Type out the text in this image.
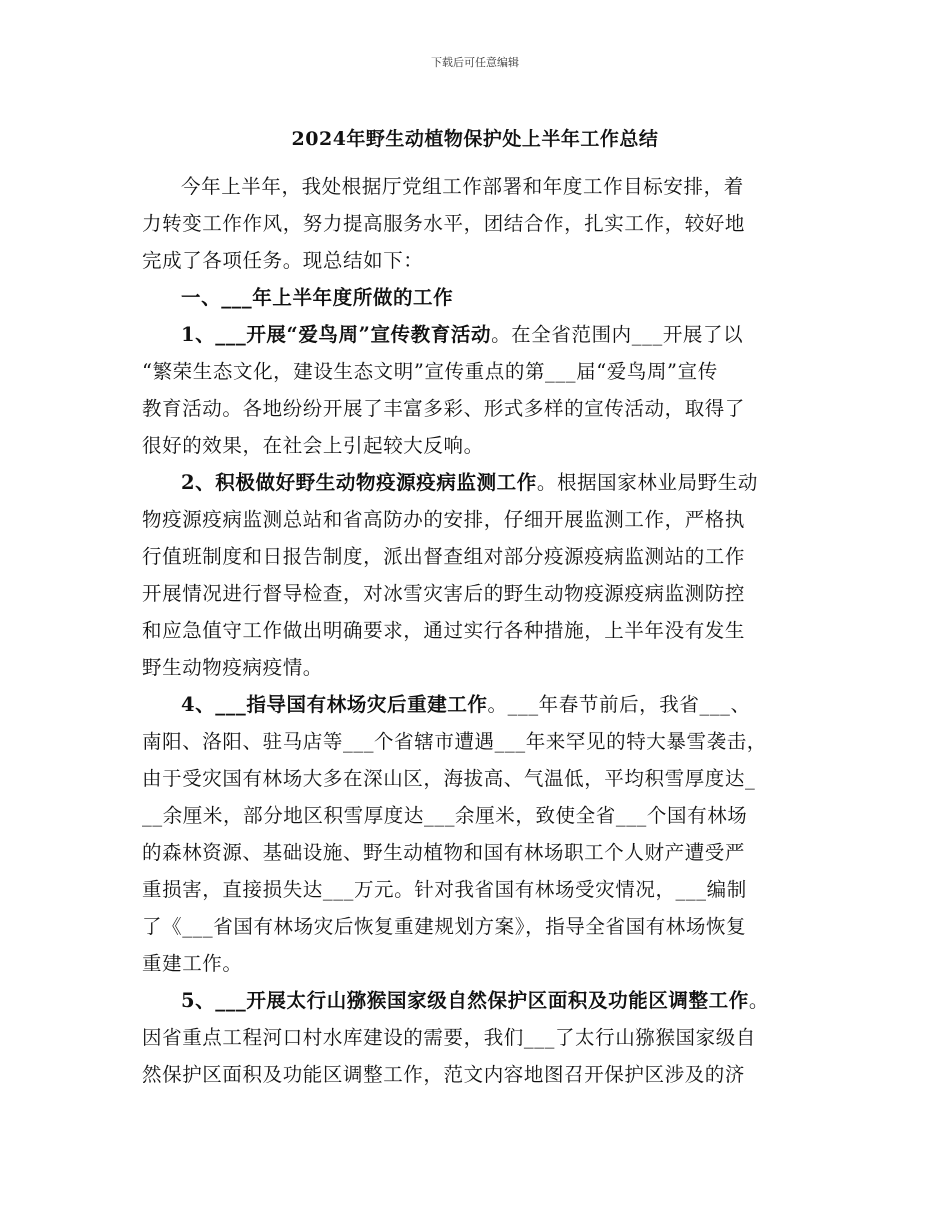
下载后可任意编辑
2024年野生动植物保护处上半年工作总结

今年上半年，我处根据厅党组工作部署和年度工作目标安排，着
力转变工作作风，努力提高服务水平，团结合作，扎实工作，较好地
完成了各项任务。现总结如下：

一、___年上半年度所做的工作

1、___开展“爱鸟周”宣传教育活动。在全省范围内___开展了以
“繁荣生态文化，建设生态文明”宣传重点的第___届“爱鸟周”宣传
教育活动。各地纷纷开展了丰富多彩、形式多样的宣传活动，取得了
很好的效果，在社会上引起较大反响。

2、积极做好野生动物疫源疫病监测工作。根据国家林业局野生动
物疫源疫病监测总站和省高防办的安排，仔细开展监测工作，严格执
行值班制度和日报告制度，派出督查组对部分疫源疫病监测站的工作
开展情况进行督导检查，对冰雪灾害后的野生动物疫源疫病监测防控
和应急值守工作做出明确要求，通过实行各种措施，上半年没有发生
野生动物疫病疫情。

4、___指导国有林场灾后重建工作。___年春节前后，我省___、
南阳、洛阳、驻马店等___个省辖市遭遇___年来罕见的特大暴雪袭击，
由于受灾国有林场大多在深山区，海拔高、气温低，平均积雪厚度达_
__余厘米，部分地区积雪厚度达___余厘米，致使全省___个国有林场
的森林资源、基础设施、野生动植物和国有林场职工个人财产遭受严
重损害，直接损失达___万元。针对我省国有林场受灾情况，___编制
了《___省国有林场灾后恢复重建规划方案》，指导全省国有林场恢复
重建工作。

5、___开展太行山猕猴国家级自然保护区面积及功能区调整工作。
因省重点工程河口村水库建设的需要，我们___了太行山猕猴国家级自
然保护区面积及功能区调整工作，范文内容地图召开保护区涉及的济
